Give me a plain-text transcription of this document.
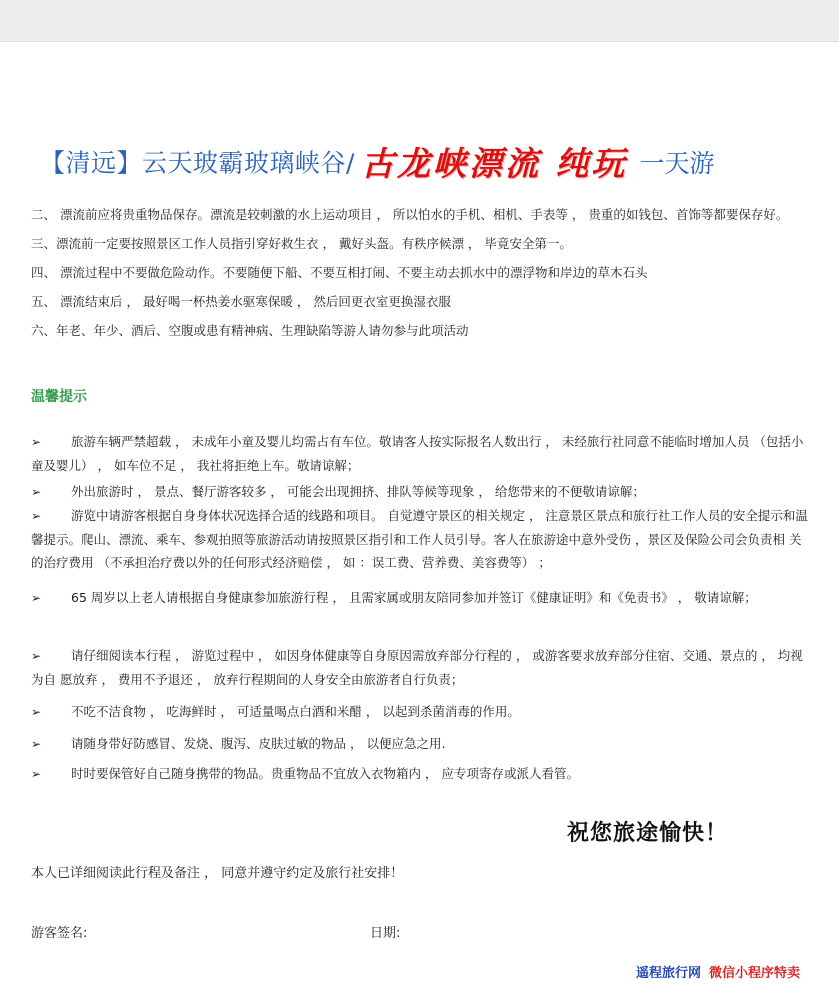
【清远】云天玻霸玻璃峡谷/ 古龙峡漂流 纯玩 一天游

二、 漂流前应将贵重物品保存。漂流是较刺激的水上运动项目 ， 所以怕水的手机、相机、手表等 ， 贵重的如钱包、首饰等都要保存好。

三、漂流前一定要按照景区工作人员指引穿好救生衣 ， 戴好头盔。有秩序候漂 ， 毕竟安全第一。

四、 漂流过程中不要做危险动作。不要随便下船、不要互相打闹、不要主动去抓水中的漂浮物和岸边的草木石头

五、 漂流结束后 ， 最好喝一杯热姜水驱寒保暖 ， 然后回更衣室更换湿衣服

六、年老、年少、酒后、空腹或患有精神病、生理缺陷等游人请勿参与此项活动

温馨提示
➢ 旅游车辆严禁超载 ， 未成年小童及婴儿均需占有车位。敬请客人按实际报名人数出行 ， 未经旅行社同意不能临时增加人员 （包括小童及婴儿） ， 如车位不足 ， 我社将拒绝上车。敬请谅解；
➢ 外出旅游时 ， 景点、餐厅游客较多 ， 可能会出现拥挤、排队等候等现象 ， 给您带来的不便敬请谅解；
➢ 游览中请游客根据自身身体状况选择合适的线路和项目。 自觉遵守景区的相关规定 ， 注意景区景点和旅行社工作人员的安全提示和温 馨提示。爬山、漂流、乘车、参观拍照等旅游活动请按照景区指引和工作人员引导。客人在旅游途中意外受伤 ，景区及保险公司会负责相 关的治疗费用 （不承担治疗费以外的任何形式经济赔偿 ， 如 ：误工费、营养费、美容费等） ；
➢ 65 周岁以上老人请根据自身健康参加旅游行程 ， 且需家属或朋友陪同参加并签订《健康证明》和《免责书》 ， 敬请谅解；
➢ 请仔细阅读本行程 ， 游览过程中 ， 如因身体健康等自身原因需放弃部分行程的 ， 或游客要求放弃部分住宿、交通、景点的 ， 均视为自 愿放弃 ， 费用不予退还 ， 放弃行程期间的人身安全由旅游者自行负责；
➢ 不吃不洁食物 ， 吃海鲜时 ， 可适量喝点白酒和米醋 ， 以起到杀菌消毒的作用。
➢ 请随身带好防感冒、发烧、腹泻、皮肤过敏的物品 ， 以便应急之用.
➢ 时时要保管好自己随身携带的物品。贵重物品不宜放入衣物箱内 ， 应专项寄存或派人看管。
祝您旅途愉快！
本人已详细阅读此行程及备注 ， 同意并遵守约定及旅行社安排！
游客签名:	日期:
遥程旅行网 微信小程序特卖
